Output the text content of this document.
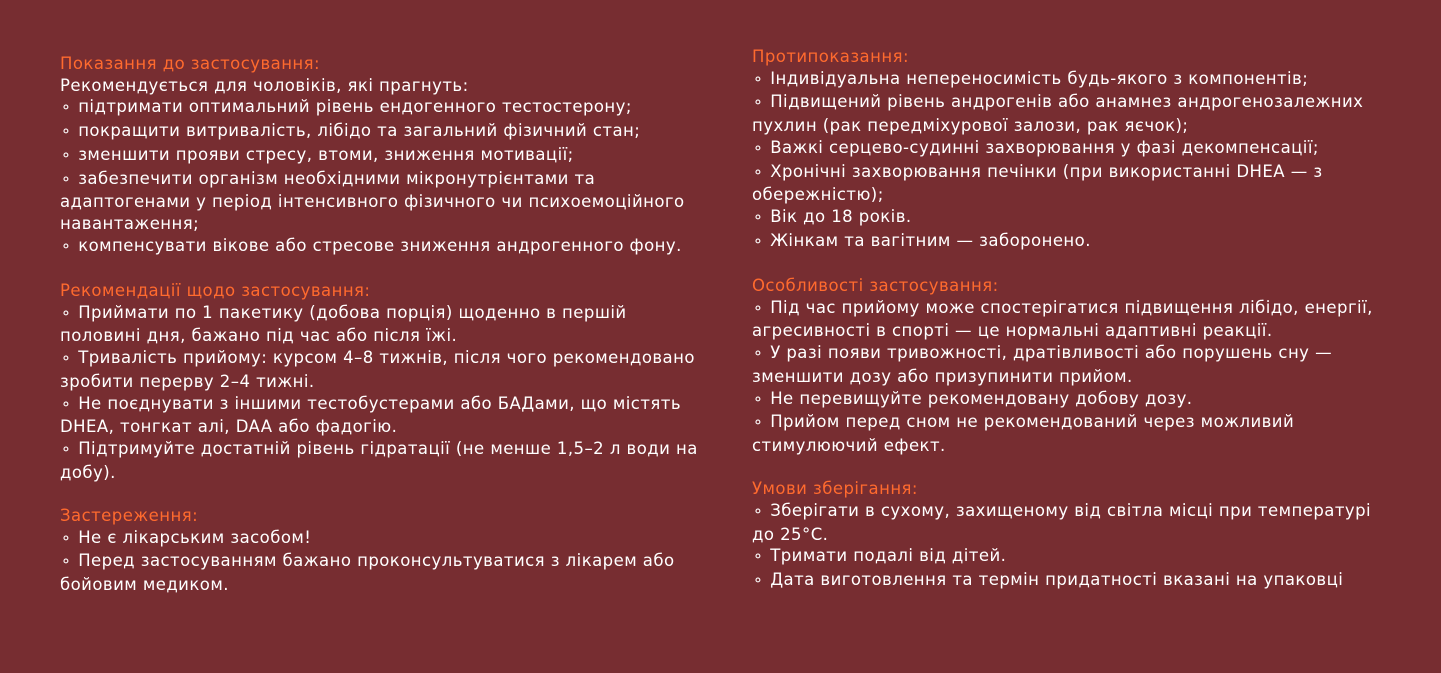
Показання до застосування:
Рекомендується для чоловіків, які прагнуть:
⚬ підтримати оптимальний рівень ендогенного тестостерону;
⚬ покращити витривалість, лібідо та загальний фізичний стан;
⚬ зменшити прояви стресу, втоми, зниження мотивації;
⚬ забезпечити організм необхідними мікронутрієнтами та адаптогенами у період інтенсивного фізичного чи психоемоційного навантаження;
⚬ компенсувати вікове або стресове зниження андрогенного фону.
Рекомендації щодо застосування:
⚬ Приймати по 1 пакетику (добова порція) щоденно в першій половині дня, бажано під час або після їжі.
⚬ Тривалість прийому: курсом 4–8 тижнів, після чого рекомендовано зробити перерву 2–4 тижні.
⚬ Не поєднувати з іншими тестобустерами або БАДами, що містять DHEA, тонгкат алі, DAA або фадогію.
⚬ Підтримуйте достатній рівень гідратації (не менше 1,5–2 л води на добу).
Застереження:
⚬ Не є лікарським засобом!
⚬ Перед застосуванням бажано проконсультуватися з лікарем або бойовим медиком.
Протипоказання:
⚬ Індивідуальна непереносимість будь-якого з компонентів;
⚬ Підвищений рівень андрогенів або анамнез андрогенозалежних пухлин (рак передміхурової залози, рак яєчок);
⚬ Важкі серцево-судинні захворювання у фазі декомпенсації;
⚬ Хронічні захворювання печінки (при використанні DHEA — з обережністю);
⚬ Вік до 18 років.
⚬ Жінкам та вагітним — заборонено.
Особливості застосування:
⚬ Під час прийому може спостерігатися підвищення лібідо, енергії, агресивності в спорті — це нормальні адаптивні реакції.
⚬ У разі появи тривожності, дратівливості або порушень сну — зменшити дозу або призупинити прийом.
⚬ Не перевищуйте рекомендовану добову дозу.
⚬ Прийом перед сном не рекомендований через можливий стимулюючий ефект.
Умови зберігання:
⚬ Зберігати в сухому, захищеному від світла місці при температурі до 25°C.
⚬ Тримати подалі від дітей.
⚬ Дата виготовлення та термін придатності вказані на упаковці
